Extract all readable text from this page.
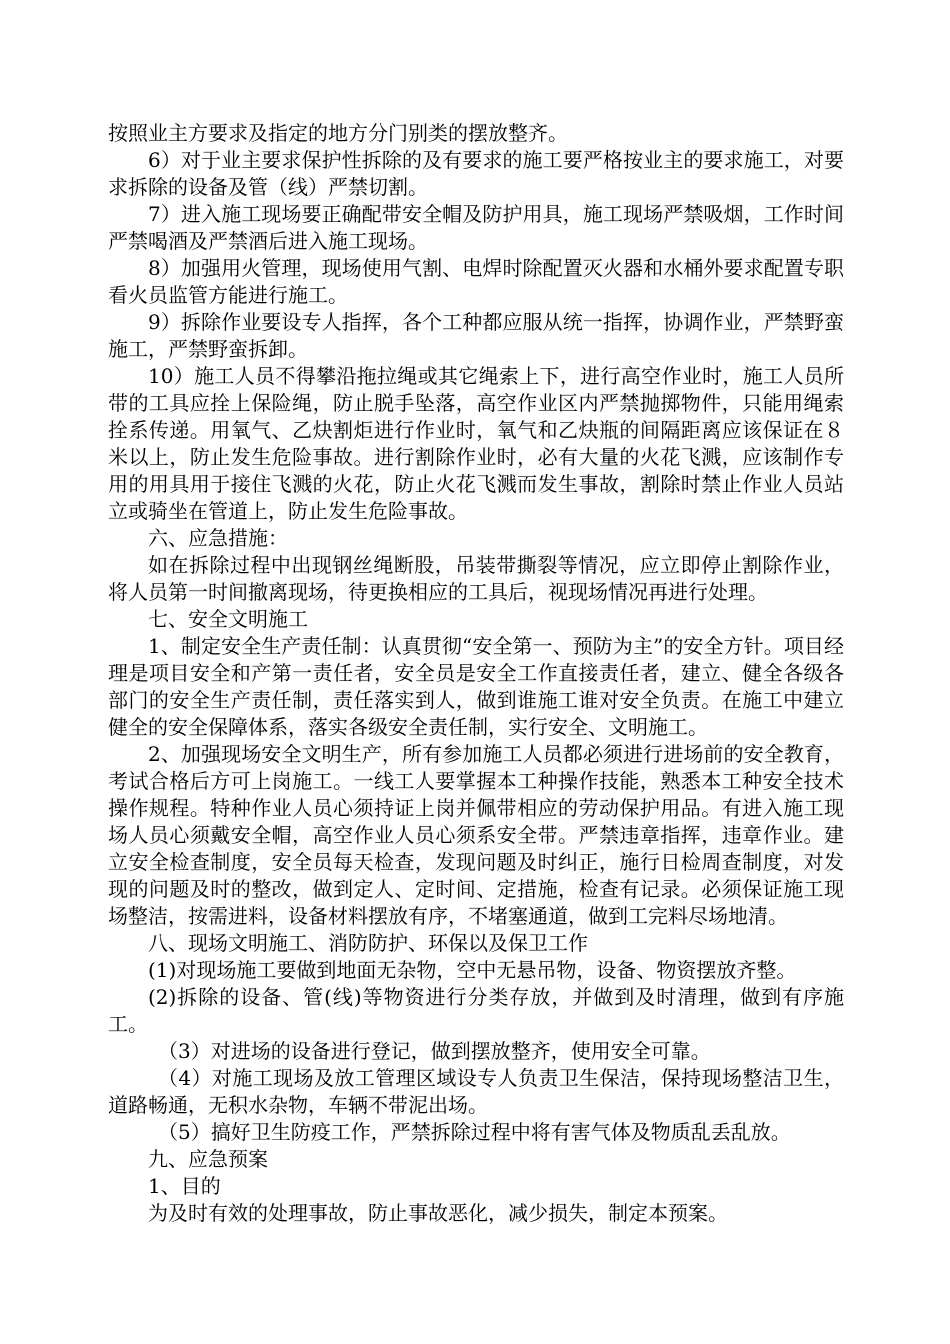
按照业主方要求及指定的地方分门别类的摆放整齐。

6）对于业主要求保护性拆除的及有要求的施工要严格按业主的要求施工，对要求拆除的设备及管（线）严禁切割。

7）进入施工现场要正确配带安全帽及防护用具，施工现场严禁吸烟，工作时间严禁喝酒及严禁酒后进入施工现场。

8）加强用火管理，现场使用气割、电焊时除配置灭火器和水桶外要求配置专职看火员监管方能进行施工。

9）拆除作业要设专人指挥，各个工种都应服从统一指挥，协调作业，严禁野蛮施工，严禁野蛮拆卸。

10）施工人员不得攀沿拖拉绳或其它绳索上下，进行高空作业时，施工人员所带的工具应拴上保险绳，防止脱手坠落，高空作业区内严禁抛掷物件，只能用绳索拴系传递。用氧气、乙炔割炬进行作业时，氧气和乙炔瓶的间隔距离应该保证在８米以上，防止发生危险事故。进行割除作业时，必有大量的火花飞溅，应该制作专用的用具用于接住飞溅的火花，防止火花飞溅而发生事故，割除时禁止作业人员站立或骑坐在管道上，防止发生危险事故。

六、应急措施：

如在拆除过程中出现钢丝绳断股，吊装带撕裂等情况，应立即停止割除作业，将人员第一时间撤离现场，待更换相应的工具后，视现场情况再进行处理。

七、安全文明施工

1、制定安全生产责任制：认真贯彻“安全第一、预防为主”的安全方针。项目经理是项目安全和产第一责任者，安全员是安全工作直接责任者，建立、健全各级各部门的安全生产责任制，责任落实到人，做到谁施工谁对安全负责。在施工中建立健全的安全保障体系，落实各级安全责任制，实行安全、文明施工。

2、加强现场安全文明生产，所有参加施工人员都必须进行进场前的安全教育，考试合格后方可上岗施工。一线工人要掌握本工种操作技能，熟悉本工种安全技术操作规程。特种作业人员心须持证上岗并佩带相应的劳动保护用品。有进入施工现场人员心须戴安全帽，高空作业人员心须系安全带。严禁违章指挥，违章作业。建立安全检查制度，安全员每天检查，发现问题及时纠正，施行日检周查制度，对发现的问题及时的整改，做到定人、定时间、定措施，检查有记录。必须保证施工现场整洁，按需进料，设备材料摆放有序，不堵塞通道，做到工完料尽场地清。

八、现场文明施工、消防防护、环保以及保卫工作

(1)对现场施工要做到地面无杂物，空中无悬吊物，设备、物资摆放齐整。

(2)拆除的设备、管(线)等物资进行分类存放，并做到及时清理，做到有序施工。

（3）对进场的设备进行登记，做到摆放整齐，使用安全可靠。

（4）对施工现场及放工管理区域设专人负责卫生保洁，保持现场整洁卫生，道路畅通，无积水杂物，车辆不带泥出场。

（5）搞好卫生防疫工作，严禁拆除过程中将有害气体及物质乱丢乱放。

九、应急预案

1、目的

为及时有效的处理事故，防止事故恶化，减少损失，制定本预案。
